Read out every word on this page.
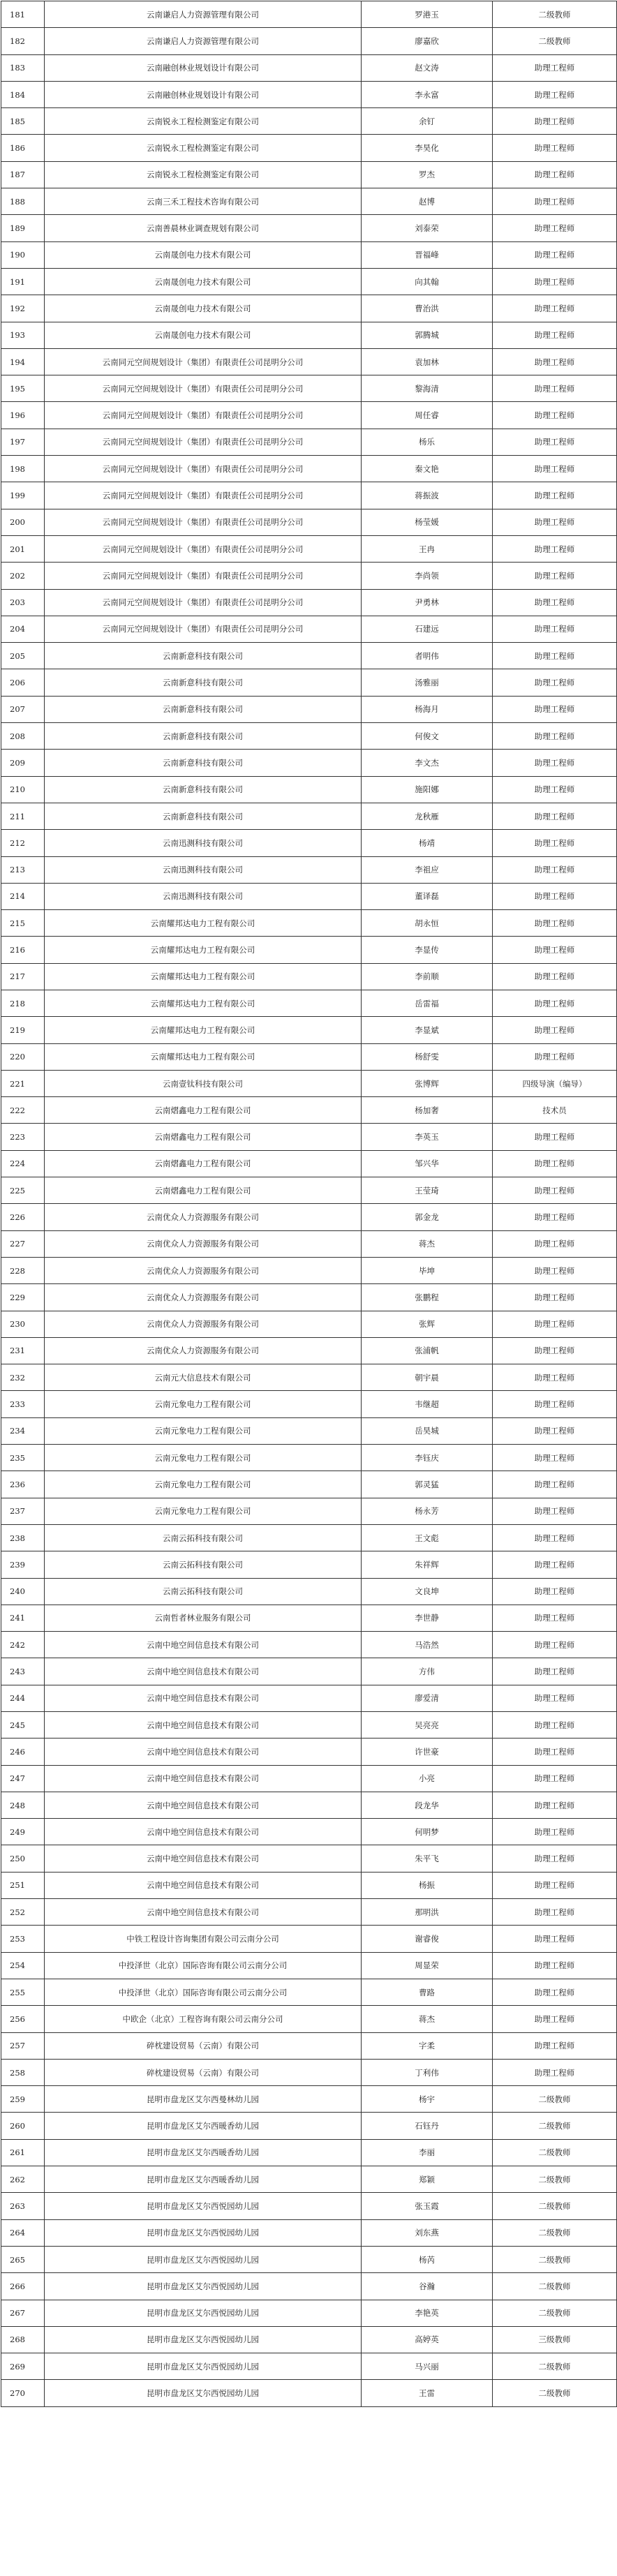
181	云南谦启人力资源管理有限公司	罗港玉	二级教师
182	云南谦启人力资源管理有限公司	廖嘉欣	二级教师
183	云南融创林业规划设计有限公司	赵文涛	助理工程师
184	云南融创林业规划设计有限公司	李永富	助理工程师
185	云南锐永工程检测鉴定有限公司	余钉	助理工程师
186	云南锐永工程检测鉴定有限公司	李昊化	助理工程师
187	云南锐永工程检测鉴定有限公司	罗杰	助理工程师
188	云南三禾工程技术咨询有限公司	赵博	助理工程师
189	云南善晨林业调查规划有限公司	刘泰荣	助理工程师
190	云南晟创电力技术有限公司	晋福峰	助理工程师
191	云南晟创电力技术有限公司	向其翰	助理工程师
192	云南晟创电力技术有限公司	曹治洪	助理工程师
193	云南晟创电力技术有限公司	郭腾城	助理工程师
194	云南同元空间规划设计（集团）有限责任公司昆明分公司	袁加林	助理工程师
195	云南同元空间规划设计（集团）有限责任公司昆明分公司	黎海清	助理工程师
196	云南同元空间规划设计（集团）有限责任公司昆明分公司	周任睿	助理工程师
197	云南同元空间规划设计（集团）有限责任公司昆明分公司	杨乐	助理工程师
198	云南同元空间规划设计（集团）有限责任公司昆明分公司	秦文艳	助理工程师
199	云南同元空间规划设计（集团）有限责任公司昆明分公司	蒋振波	助理工程师
200	云南同元空间规划设计（集团）有限责任公司昆明分公司	杨莹媛	助理工程师
201	云南同元空间规划设计（集团）有限责任公司昆明分公司	王冉	助理工程师
202	云南同元空间规划设计（集团）有限责任公司昆明分公司	李尚领	助理工程师
203	云南同元空间规划设计（集团）有限责任公司昆明分公司	尹勇林	助理工程师
204	云南同元空间规划设计（集团）有限责任公司昆明分公司	石建远	助理工程师
205	云南新意科技有限公司	者明伟	助理工程师
206	云南新意科技有限公司	汤雅丽	助理工程师
207	云南新意科技有限公司	杨海月	助理工程师
208	云南新意科技有限公司	何俊文	助理工程师
209	云南新意科技有限公司	李文杰	助理工程师
210	云南新意科技有限公司	施阳娜	助理工程师
211	云南新意科技有限公司	龙秋雁	助理工程师
212	云南迅测科技有限公司	杨靖	助理工程师
213	云南迅测科技有限公司	李祖应	助理工程师
214	云南迅测科技有限公司	董译磊	助理工程师
215	云南耀邦达电力工程有限公司	胡永恒	助理工程师
216	云南耀邦达电力工程有限公司	李显传	助理工程师
217	云南耀邦达电力工程有限公司	李前顺	助理工程师
218	云南耀邦达电力工程有限公司	岳雷福	助理工程师
219	云南耀邦达电力工程有限公司	李显斌	助理工程师
220	云南耀邦达电力工程有限公司	杨舒雯	助理工程师
221	云南壹钛科技有限公司	张博辉	四级导演（编导）
222	云南熠鑫电力工程有限公司	杨加奢	技术员
223	云南熠鑫电力工程有限公司	李英玉	助理工程师
224	云南熠鑫电力工程有限公司	邹兴华	助理工程师
225	云南熠鑫电力工程有限公司	王莹琦	助理工程师
226	云南优众人力资源服务有限公司	郭金龙	助理工程师
227	云南优众人力资源服务有限公司	蒋杰	助理工程师
228	云南优众人力资源服务有限公司	毕坤	助理工程师
229	云南优众人力资源服务有限公司	张鹏程	助理工程师
230	云南优众人力资源服务有限公司	张辉	助理工程师
231	云南优众人力资源服务有限公司	张浦帆	助理工程师
232	云南元大信息技术有限公司	朝宇晨	助理工程师
233	云南元象电力工程有限公司	韦继超	助理工程师
234	云南元象电力工程有限公司	岳昊城	助理工程师
235	云南元象电力工程有限公司	李钰庆	助理工程师
236	云南元象电力工程有限公司	郭灵猛	助理工程师
237	云南元象电力工程有限公司	杨永芳	助理工程师
238	云南云拓科技有限公司	王文彪	助理工程师
239	云南云拓科技有限公司	朱祥辉	助理工程师
240	云南云拓科技有限公司	文良坤	助理工程师
241	云南哲者林业服务有限公司	李世静	助理工程师
242	云南中地空间信息技术有限公司	马浩然	助理工程师
243	云南中地空间信息技术有限公司	方伟	助理工程师
244	云南中地空间信息技术有限公司	廖爱清	助理工程师
245	云南中地空间信息技术有限公司	吴亮亮	助理工程师
246	云南中地空间信息技术有限公司	许世豪	助理工程师
247	云南中地空间信息技术有限公司	小亮	助理工程师
248	云南中地空间信息技术有限公司	段龙华	助理工程师
249	云南中地空间信息技术有限公司	何明梦	助理工程师
250	云南中地空间信息技术有限公司	朱平飞	助理工程师
251	云南中地空间信息技术有限公司	杨振	助理工程师
252	云南中地空间信息技术有限公司	那明洪	助理工程师
253	中铁工程设计咨询集团有限公司云南分公司	谢睿俊	助理工程师
254	中投泽世（北京）国际咨询有限公司云南分公司	周显荣	助理工程师
255	中投泽世（北京）国际咨询有限公司云南分公司	曹路	助理工程师
256	中欧企（北京）工程咨询有限公司云南分公司	蒋杰	助理工程师
257	碎枕建设贸易（云南）有限公司	字柔	助理工程师
258	碎枕建设贸易（云南）有限公司	丁利伟	助理工程师
259	昆明市盘龙区艾尔西曼林幼儿园	杨宇	二级教师
260	昆明市盘龙区艾尔西暖香幼儿园	石钰丹	二级教师
261	昆明市盘龙区艾尔西暖香幼儿园	李丽	二级教师
262	昆明市盘龙区艾尔西暖香幼儿园	郑颖	二级教师
263	昆明市盘龙区艾尔西悦园幼儿园	张玉霞	二级教师
264	昆明市盘龙区艾尔西悦园幼儿园	刘东燕	二级教师
265	昆明市盘龙区艾尔西悦园幼儿园	杨芮	二级教师
266	昆明市盘龙区艾尔西悦园幼儿园	谷瀚	二级教师
267	昆明市盘龙区艾尔西悦园幼儿园	李艳英	二级教师
268	昆明市盘龙区艾尔西悦园幼儿园	高婷英	三级教师
269	昆明市盘龙区艾尔西悦园幼儿园	马兴丽	二级教师
270	昆明市盘龙区艾尔西悦园幼儿园	王雷	二级教师
